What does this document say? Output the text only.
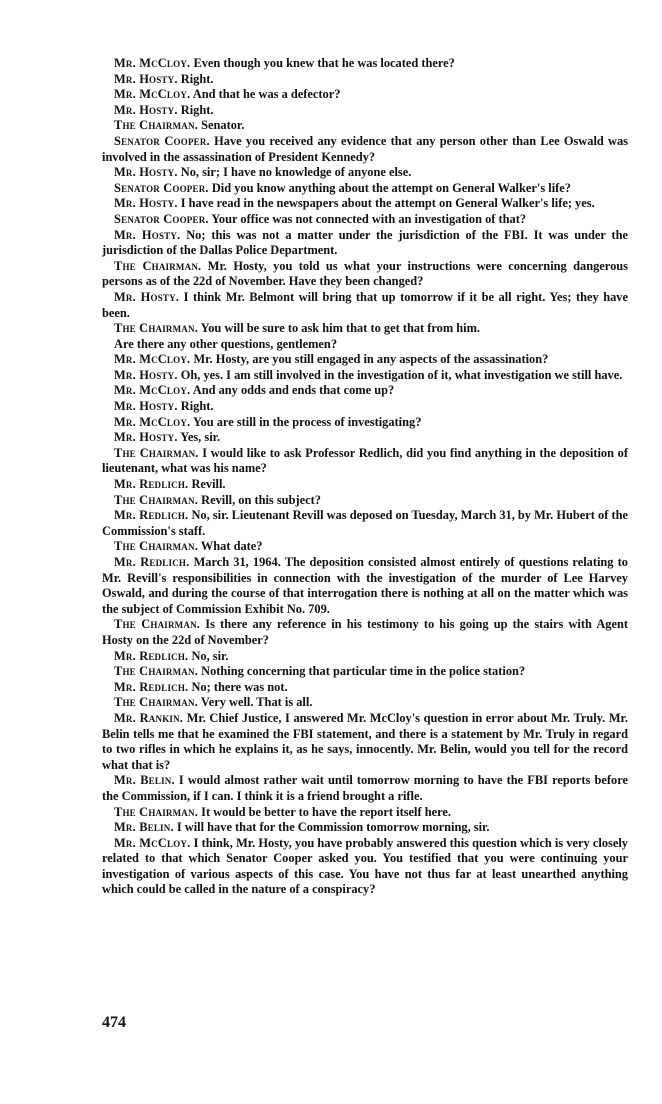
Mr. McCloy. Even though you knew that he was located there?

Mr. Hosty. Right.

Mr. McCloy. And that he was a defector?

Mr. Hosty. Right.

The Chairman. Senator.

Senator Cooper. Have you received any evidence that any person other than Lee Oswald was involved in the assassination of President Kennedy?

Mr. Hosty. No, sir; I have no knowledge of anyone else.

Senator Cooper. Did you know anything about the attempt on General Walker's life?

Mr. Hosty. I have read in the newspapers about the attempt on General Walker's life; yes.

Senator Cooper. Your office was not connected with an investigation of that?

Mr. Hosty. No; this was not a matter under the jurisdiction of the FBI. It was under the jurisdiction of the Dallas Police Department.

The Chairman. Mr. Hosty, you told us what your instructions were concerning dangerous persons as of the 22d of November. Have they been changed?

Mr. Hosty. I think Mr. Belmont will bring that up tomorrow if it be all right. Yes; they have been.

The Chairman. You will be sure to ask him that to get that from him.

Are there any other questions, gentlemen?

Mr. McCloy. Mr. Hosty, are you still engaged in any aspects of the assassination?

Mr. Hosty. Oh, yes. I am still involved in the investigation of it, what investigation we still have.

Mr. McCloy. And any odds and ends that come up?

Mr. Hosty. Right.

Mr. McCloy. You are still in the process of investigating?

Mr. Hosty. Yes, sir.

The Chairman. I would like to ask Professor Redlich, did you find anything in the deposition of lieutenant, what was his name?

Mr. Redlich. Revill.

The Chairman. Revill, on this subject?

Mr. Redlich. No, sir. Lieutenant Revill was deposed on Tuesday, March 31, by Mr. Hubert of the Commission's staff.

The Chairman. What date?

Mr. Redlich. March 31, 1964. The deposition consisted almost entirely of questions relating to Mr. Revill's responsibilities in connection with the investigation of the murder of Lee Harvey Oswald, and during the course of that interrogation there is nothing at all on the matter which was the subject of Commission Exhibit No. 709.

The Chairman. Is there any reference in his testimony to his going up the stairs with Agent Hosty on the 22d of November?

Mr. Redlich. No, sir.

The Chairman. Nothing concerning that particular time in the police station?

Mr. Redlich. No; there was not.

The Chairman. Very well. That is all.

Mr. Rankin. Mr. Chief Justice, I answered Mr. McCloy's question in error about Mr. Truly. Mr. Belin tells me that he examined the FBI statement, and there is a statement by Mr. Truly in regard to two rifles in which he explains it, as he says, innocently. Mr. Belin, would you tell for the record what that is?

Mr. Belin. I would almost rather wait until tomorrow morning to have the FBI reports before the Commission, if I can. I think it is a friend brought a rifle.

The Chairman. It would be better to have the report itself here.

Mr. Belin. I will have that for the Commission tomorrow morning, sir.

Mr. McCloy. I think, Mr. Hosty, you have probably answered this question which is very closely related to that which Senator Cooper asked you. You testified that you were continuing your investigation of various aspects of this case. You have not thus far at least unearthed anything which could be called in the nature of a conspiracy?

474
